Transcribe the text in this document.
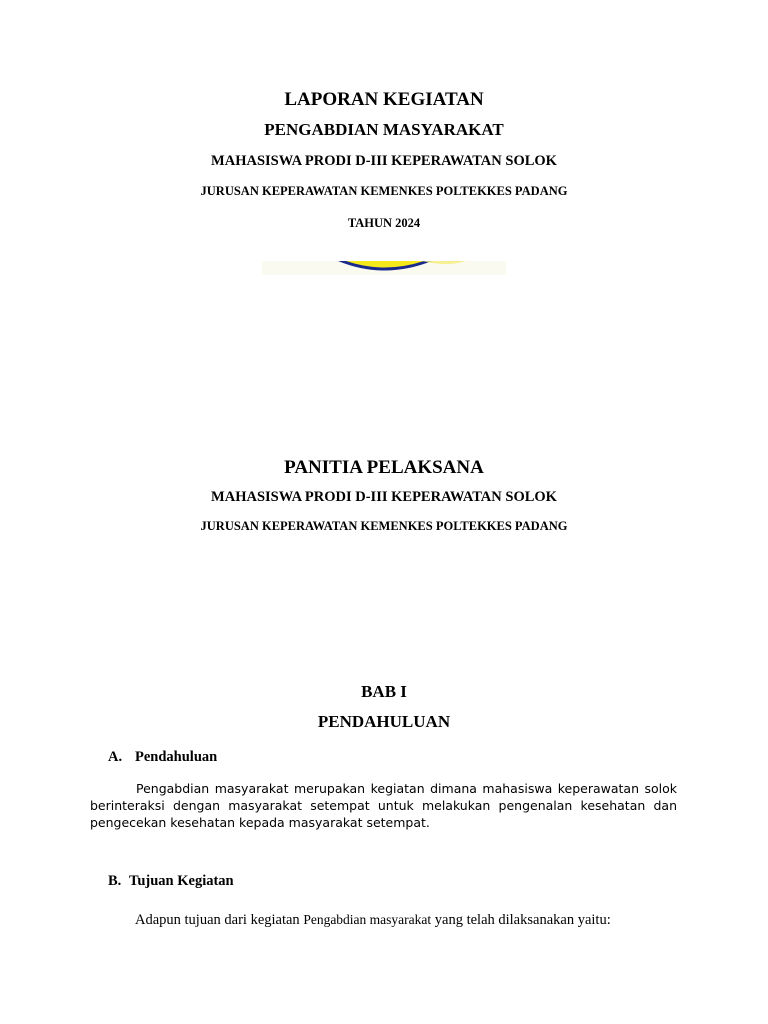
LAPORAN KEGIATAN
PENGABDIAN MASYARAKAT
MAHASISWA PRODI D-III KEPERAWATAN SOLOK
JURUSAN KEPERAWATAN KEMENKES POLTEKKES PADANG
TAHUN 2024
PANITIA PELAKSANA
MAHASISWA PRODI D-III KEPERAWATAN SOLOK
JURUSAN KEPERAWATAN KEMENKES POLTEKKES PADANG
BAB I
PENDAHULUAN
A. Pendahuluan
Pengabdian masyarakat merupakan kegiatan dimana mahasiswa keperawatan solok berinteraksi dengan masyarakat setempat untuk melakukan pengenalan kesehatan dan pengecekan kesehatan kepada masyarakat setempat.
B. Tujuan Kegiatan
Adapun tujuan dari kegiatan Pengabdian masyarakat yang telah dilaksanakan yaitu:
